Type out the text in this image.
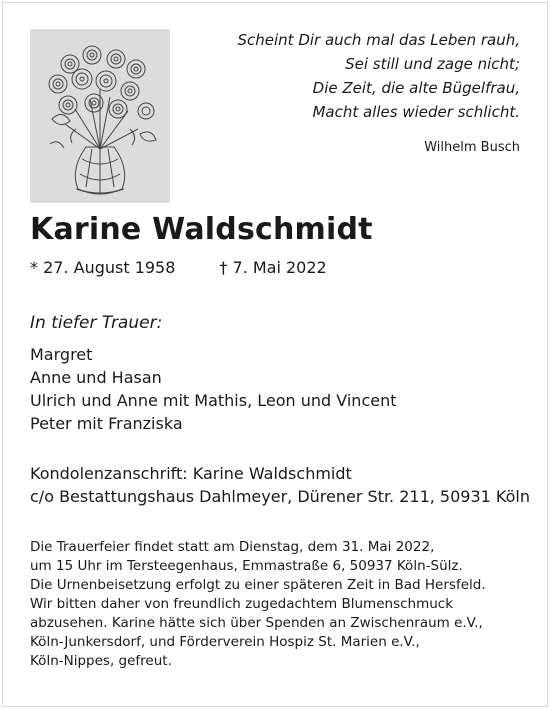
Scheint Dir auch mal das Leben rauh,
Sei still und zage nicht;
Die Zeit, die alte Bügelfrau,
Macht alles wieder schlicht.
Wilhelm Busch
Karine Waldschmidt
* 27. August 1958	† 7. Mai 2022
In tiefer Trauer:
Margret
Anne und Hasan
Ulrich und Anne mit Mathis, Leon und Vincent
Peter mit Franziska
Kondolenzanschrift: Karine Waldschmidt
c/o Bestattungshaus Dahlmeyer, Dürener Str. 211, 50931 Köln
Die Trauerfeier findet statt am Dienstag, dem 31. Mai 2022,
um 15 Uhr im Tersteegenhaus, Emmastraße 6, 50937 Köln-Sülz.
Die Urnenbeisetzung erfolgt zu einer späteren Zeit in Bad Hersfeld.
Wir bitten daher von freundlich zugedachtem Blumenschmuck
abzusehen. Karine hätte sich über Spenden an Zwischenraum e.V.,
Köln-Junkersdorf, und Förderverein Hospiz St. Marien e.V.,
Köln-Nippes, gefreut.
